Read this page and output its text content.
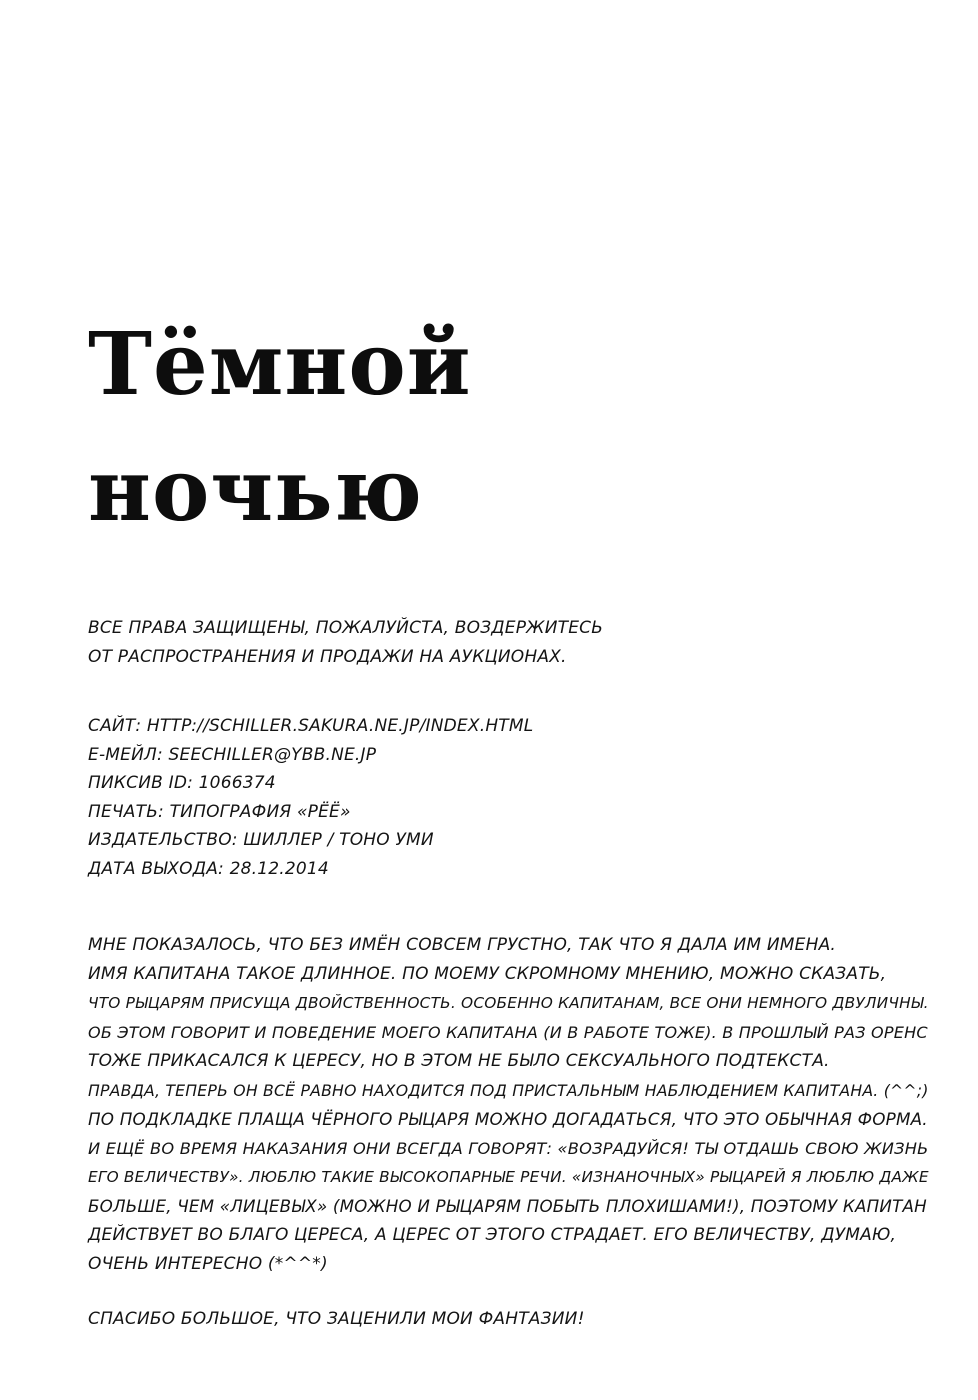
Тёмной
ночью
ВСЕ ПРАВА ЗАЩИЩЕНЫ, ПОЖАЛУЙСТА, ВОЗДЕРЖИТЕСЬ
ОТ РАСПРОСТРАНЕНИЯ И ПРОДАЖИ НА АУКЦИОНАХ.
САЙТ: HTTP://SCHILLER.SAKURA.NE.JP/INDEX.HTML
Е-МЕЙЛ: SEECHILLER@YBB.NE.JP
ПИКСИВ ID: 1066374
ПЕЧАТЬ: ТИПОГРАФИЯ «РЁЁ»
ИЗДАТЕЛЬСТВО: ШИЛЛЕР / ТОНО УМИ
ДАТА ВЫХОДА: 28.12.2014
МНЕ ПОКАЗАЛОСЬ, ЧТО БЕЗ ИМЁН СОВСЕМ ГРУСТНО, ТАК ЧТО Я ДАЛА ИМ ИМЕНА.
ИМЯ КАПИТАНА ТАКОЕ ДЛИННОЕ. ПО МОЕМУ СКРОМНОМУ МНЕНИЮ, МОЖНО СКАЗАТЬ,
ЧТО РЫЦАРЯМ ПРИСУЩА ДВОЙСТВЕННОСТЬ. ОСОБЕННО КАПИТАНАМ, ВСЕ ОНИ НЕМНОГО ДВУЛИЧНЫ.
ОБ ЭТОМ ГОВОРИТ И ПОВЕДЕНИЕ МОЕГО КАПИТАНА (И В РАБОТЕ ТОЖЕ). В ПРОШЛЫЙ РАЗ ОРЕНС
ТОЖЕ ПРИКАСАЛСЯ К ЦЕРЕСУ, НО В ЭТОМ НЕ БЫЛО СЕКСУАЛЬНОГО ПОДТЕКСТА.
ПРАВДА, ТЕПЕРЬ ОН ВСЁ РАВНО НАХОДИТСЯ ПОД ПРИСТАЛЬНЫМ НАБЛЮДЕНИЕМ КАПИТАНА. (^^;)
ПО ПОДКЛАДКЕ ПЛАЩА ЧЁРНОГО РЫЦАРЯ МОЖНО ДОГАДАТЬСЯ, ЧТО ЭТО ОБЫЧНАЯ ФОРМА.
И ЕЩЁ ВО ВРЕМЯ НАКАЗАНИЯ ОНИ ВСЕГДА ГОВОРЯТ: «ВОЗРАДУЙСЯ! ТЫ ОТДАШЬ СВОЮ ЖИЗНЬ
ЕГО ВЕЛИЧЕСТВУ». ЛЮБЛЮ ТАКИЕ ВЫСОКОПАРНЫЕ РЕЧИ. «ИЗНАНОЧНЫХ» РЫЦАРЕЙ Я ЛЮБЛЮ ДАЖЕ
БОЛЬШЕ, ЧЕМ «ЛИЦЕВЫХ» (МОЖНО И РЫЦАРЯМ ПОБЫТЬ ПЛОХИШАМИ!), ПОЭТОМУ КАПИТАН
ДЕЙСТВУЕТ ВО БЛАГО ЦЕРЕСА, А ЦЕРЕС ОТ ЭТОГО СТРАДАЕТ. ЕГО ВЕЛИЧЕСТВУ, ДУМАЮ,
ОЧЕНЬ ИНТЕРЕСНО (*^^*)
СПАСИБО БОЛЬШОЕ, ЧТО ЗАЦЕНИЛИ МОИ ФАНТАЗИИ!
